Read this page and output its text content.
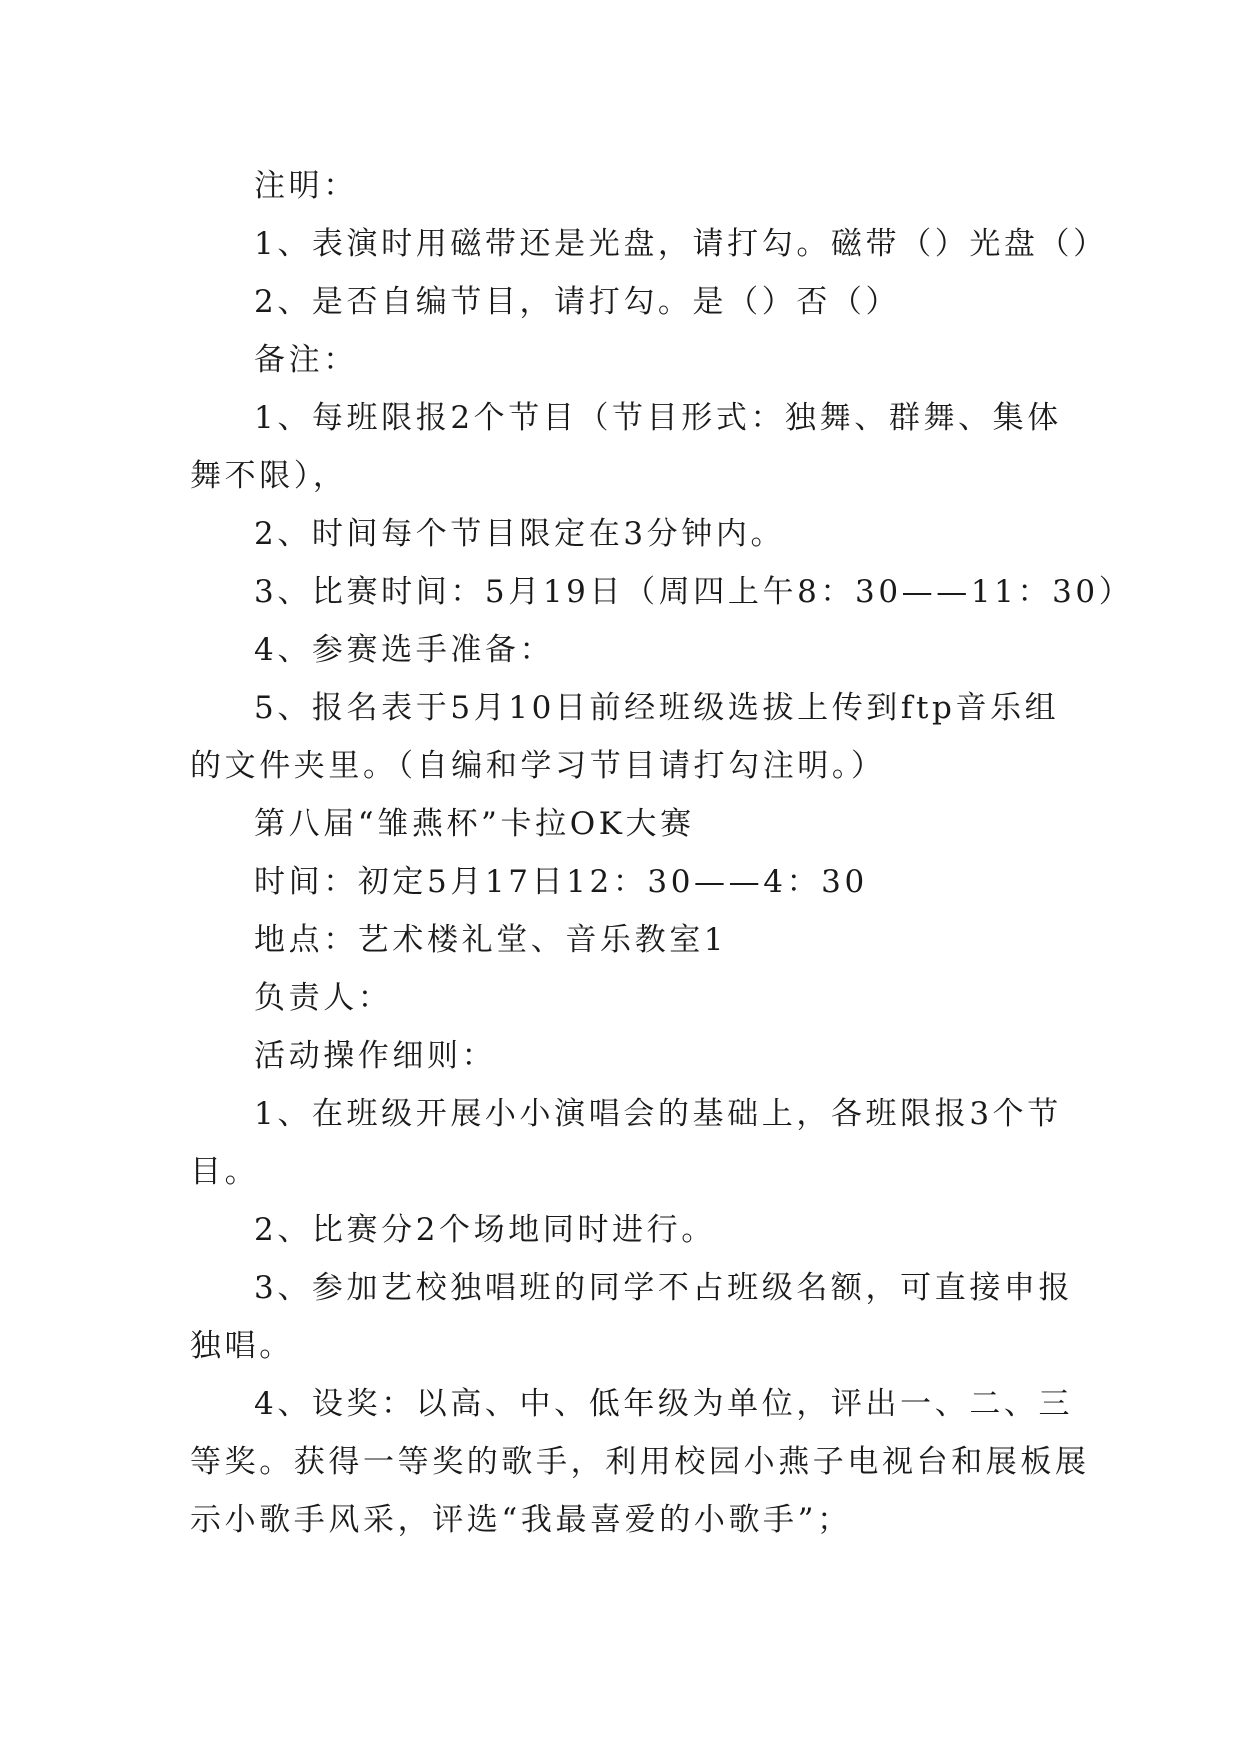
注明：
1、表演时用磁带还是光盘，请打勾。磁带（）光盘（）
2、是否自编节目，请打勾。是（）否（）
备注：
1、每班限报2个节目（节目形式：独舞、群舞、集体
舞不限），
2、时间每个节目限定在3分钟内。
3、比赛时间：5月19日（周四上午8：30——11：30）
4、参赛选手准备：
5、报名表于5月10日前经班级选拔上传到ftp音乐组
的文件夹里。（自编和学习节目请打勾注明。）
第八届“雏燕杯”卡拉OK大赛
时间：初定5月17日12：30——4：30
地点：艺术楼礼堂、音乐教室1
负责人：
活动操作细则：
1、在班级开展小小演唱会的基础上，各班限报3个节
目。
2、比赛分2个场地同时进行。
3、参加艺校独唱班的同学不占班级名额，可直接申报
独唱。
4、设奖：以高、中、低年级为单位，评出一、二、三
等奖。获得一等奖的歌手，利用校园小燕子电视台和展板展
示小歌手风采，评选“我最喜爱的小歌手”；
